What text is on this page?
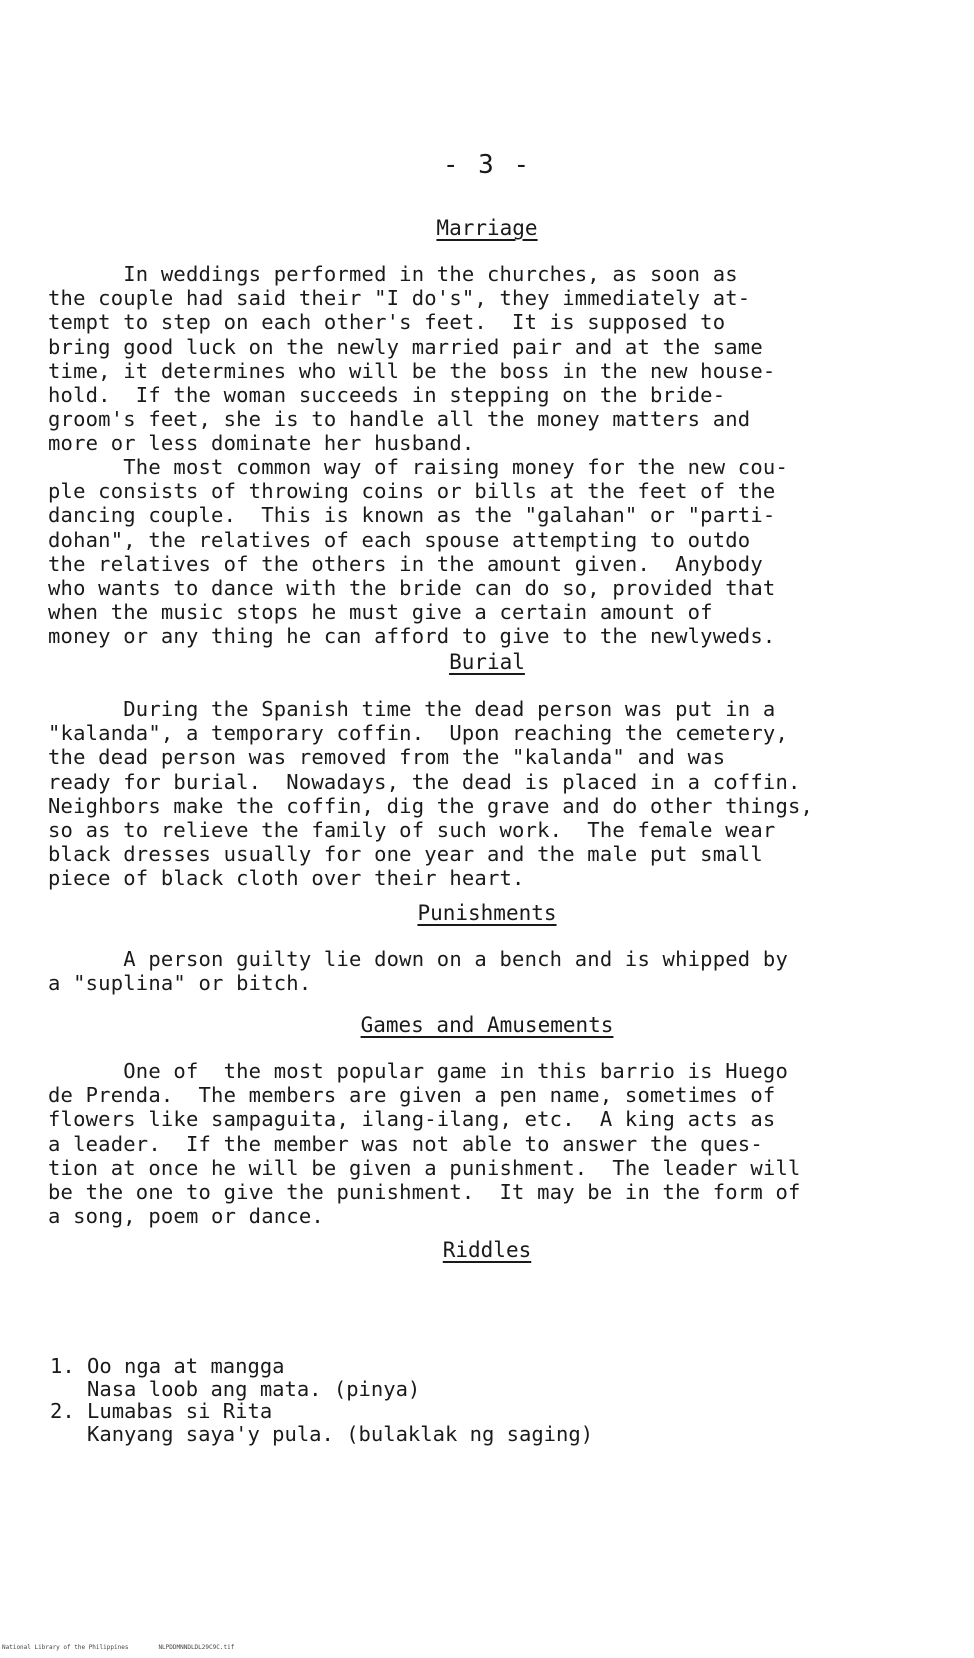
- 3 -
Marriage

In weddings performed in the churches, as soon as
the couple had said their "I do's", they immediately at-
tempt to step on each other's feet.  It is supposed to
bring good luck on the newly married pair and at the same
time, it determines who will be the boss in the new house-
hold.  If the woman succeeds in stepping on the bride-
groom's feet, she is to handle all the money matters and
more or less dominate her husband.

The most common way of raising money for the new cou-
ple consists of throwing coins or bills at the feet of the
dancing couple.  This is known as the "galahan" or "parti-
dohan", the relatives of each spouse attempting to outdo
the relatives of the others in the amount given.  Anybody
who wants to dance with the bride can do so, provided that
when the music stops he must give a certain amount of
money or any thing he can afford to give to the newlyweds.

Burial

During the Spanish time the dead person was put in a
"kalanda", a temporary coffin.  Upon reaching the cemetery,
the dead person was removed from the "kalanda" and was
ready for burial.  Nowadays, the dead is placed in a coffin.
Neighbors make the coffin, dig the grave and do other things,
so as to relieve the family of such work.  The female wear
black dresses usually for one year and the male put small
piece of black cloth over their heart.

Punishments

A person guilty lie down on a bench and is whipped by
a "suplina" or bitch.

Games and Amusements

One of  the most popular game in this barrio is Huego
de Prenda.  The members are given a pen name, sometimes of
flowers like sampaguita, ilang-ilang, etc.  A king acts as
a leader.  If the member was not able to answer the ques-
tion at once he will be given a punishment.  The leader will
be the one to give the punishment.  It may be in the form of
a song, poem or dance.

Riddles
1. Oo nga at mangga
Nasa loob ang mata. (pinya)
2. Lumabas si Rita
Kanyang saya'y pula. (bulaklak ng saging)
National Library of the Philippines	NLPDDMNNDLDL29C9C.tif
